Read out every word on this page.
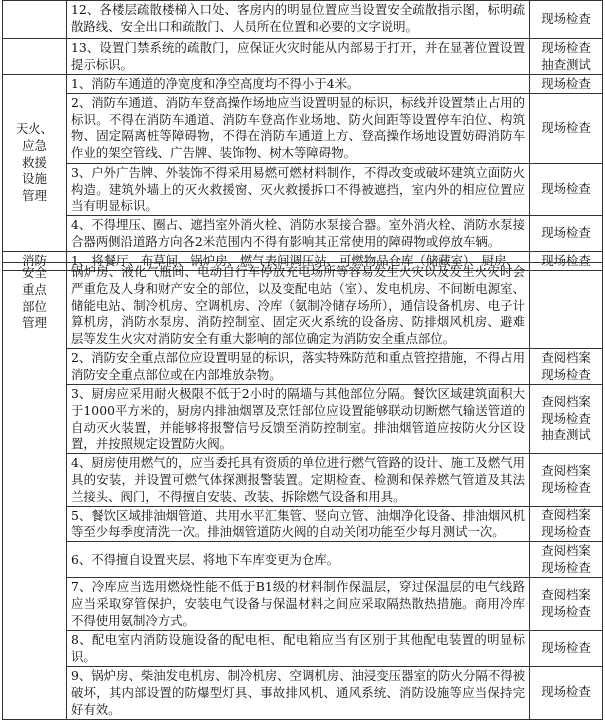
	12、各楼层疏散楼梯入口处、客房内的明显位置应当设置安全疏散指示图，标明疏散路线、安全出口和疏散门、人员所在位置和必要的文字说明。	现场检查

	13、设置门禁系统的疏散门，应保证火灾时能从内部易于打开，并在显著位置设置提示标识。	现场检查
抽查测试

天火、
应急
救援
设施
管理	1、消防车通道的净宽度和净空高度均不得小于4米。	现场检查

	2、消防车通道、消防车登高操作场地应当设置明显的标识，标线并设置禁止占用的标识。不得在消防车通道、消防车登高作业场地、防火间距等设置停车泊位、构筑物、固定隔离桩等障碍物，不得在消防车通道上方、登高操作场地设置妨碍消防车作业的架空管线、广告牌、装饰物、树木等障碍物。	现场检查

	3、户外广告牌、外装饰不得采用易燃可燃材料制作，不得改变或破坏建筑立面防火构造。建筑外墙上的灭火救援窗、灭火救援拆口不得被遮挡，室内外的相应位置应当有明显标识。	现场检查

	4、不得埋压、圈占、遮挡室外消火栓、消防水泵接合器。室外消火栓、消防水泵接合器两侧沿道路方向各2米范围内不得有影响其正常使用的障碍物或停放车辆。	现场检查

消防	1、将餐厅、布草间、锅炉房、燃气表间调压站、可燃物品仓库（储藏室）、厨房、	现场检查
安全
重点
部位
管理	锅炉房、液化气瓶间、电动自行车停放充电场所等容易发生火灾以及发生火灾时会严重危及人身和财产安全的部位，以及变配电站（室）、发电机房、不间断电源室、储能电站、制冷机房、空调机房、冷库（氨制冷储存场所），通信设备机房、电子计算机房，消防水泵房、消防控制室、固定灭火系统的设备房、防排烟风机房、避难层等发生火灾对消防安全有重大影响的部位确定为消防安全重点部位。	
	2、消防安全重点部位应设置明显的标识，落实特殊防范和重点管控措施，不得占用消防安全重点部位或在内部堆放杂物。	查阅档案
现场检查

	3、厨房应采用耐火极限不低于2小时的隔墙与其他部位分隔。餐饮区域建筑面积大于1000平方米的，厨房内排油烟罩及烹饪部位应设置能够联动切断燃气输送管道的自动灭火装置，并能够将报警信号反馈至消防控制室。排油烟管道应按防火分区设置，并按照规定设置防火阀。	查阅档案
现场检查
抽查测试

	4、厨房使用燃气的，应当委托具有资质的单位进行燃气管路的设计、施工及燃气用具的安装，并设置可燃气体探测报警装置。定期检查、检测和保养燃气管道及其法兰接头、阀门，不得擅自安装、改装、拆除燃气设备和用具。	查阅档案
现场检查

	5、餐饮区域排油烟管道、共用水平汇集管、竖向立管、油烟净化设备、排油烟风机等至少每季度清洗一次。排油烟管道防火阀的自动关闭功能至少每月测试一次。	查阅档案
现场检查

	6、不得擅自设置夹层、将地下车库变更为仓库。	查阅档案
现场检查

	7、冷库应当选用燃烧性能不低于B1级的材料制作保温层，穿过保温层的电气线路应当采取穿管保护，安装电气设备与保温材料之间应采取隔热散热措施。商用冷库不得使用氨制冷方式。	查阅档案
现场检查

	8、配电室内消防设施设备的配电柜、配电箱应当有区别于其他配电装置的明显标识。	现场检查

	9、锅炉房、柴油发电机房、制冷机房、空调机房、油浸变压器室的防火分隔不得被破坏，其内部设置的防爆型灯具、事故排风机、通风系统、消防设施等应当保持完好有效。	现场检查
